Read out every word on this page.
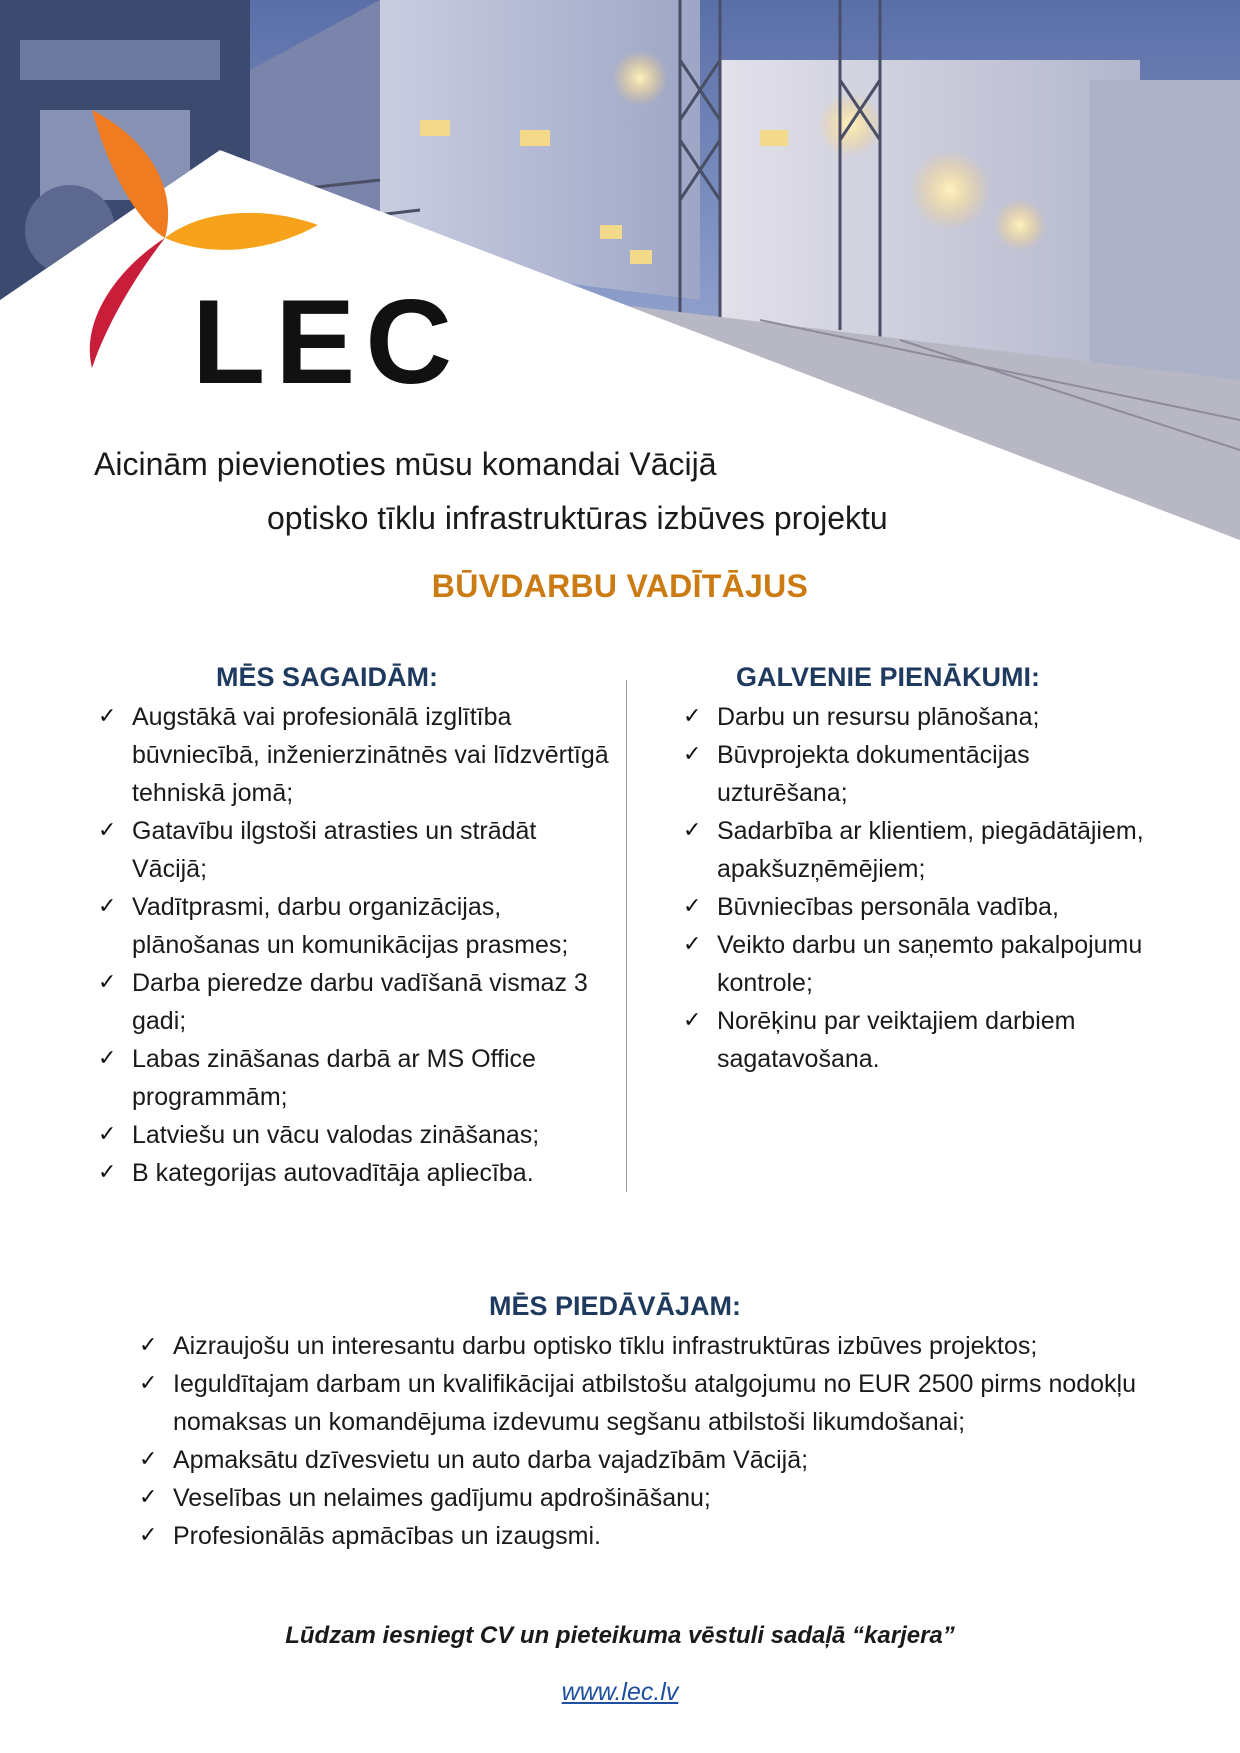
LEC
Aicinām pievienoties mūsu komandai Vācijā
optisko tīklu infrastruktūras izbūves projektu
BŪVDARBU VADĪTĀJUS
MĒS SAGAIDĀM:
✓ Augstākā vai profesionālā izglītība būvniecībā, inženierzinātnēs vai līdzvērtīgā tehniskā jomā;
✓ Gatavību ilgstoši atrasties un strādāt Vācijā;
✓ Vadītprasmi, darbu organizācijas, plānošanas un komunikācijas prasmes;
✓ Darba pieredze darbu vadīšanā vismaz 3 gadi;
✓ Labas zināšanas darbā ar MS Office programmām;
✓ Latviešu un vācu valodas zināšanas;
✓ B kategorijas autovadītāja apliecība.
GALVENIE PIENĀKUMI:
✓ Darbu un resursu plānošana;
✓ Būvprojekta dokumentācijas uzturēšana;
✓ Sadarbība ar klientiem, piegādātājiem, apakšuzņēmējiem;
✓ Būvniecības personāla vadība,
✓ Veikto darbu un saņemto pakalpojumu kontrole;
✓ Norēķinu par veiktajiem darbiem sagatavošana.
MĒS PIEDĀVĀJAM:
✓ Aizraujošu un interesantu darbu optisko tīklu infrastruktūras izbūves projektos;
✓ Ieguldītajam darbam un kvalifikācijai atbilstošu atalgojumu no EUR 2500 pirms nodokļu nomaksas un komandējuma izdevumu segšanu atbilstoši likumdošanai;
✓ Apmaksātu dzīvesvietu un auto darba vajadzībām Vācijā;
✓ Veselības un nelaimes gadījumu apdrošināšanu;
✓ Profesionālās apmācības un izaugsmi.
Lūdzam iesniegt CV un pieteikuma vēstuli sadaļā “karjera”
www.lec.lv
